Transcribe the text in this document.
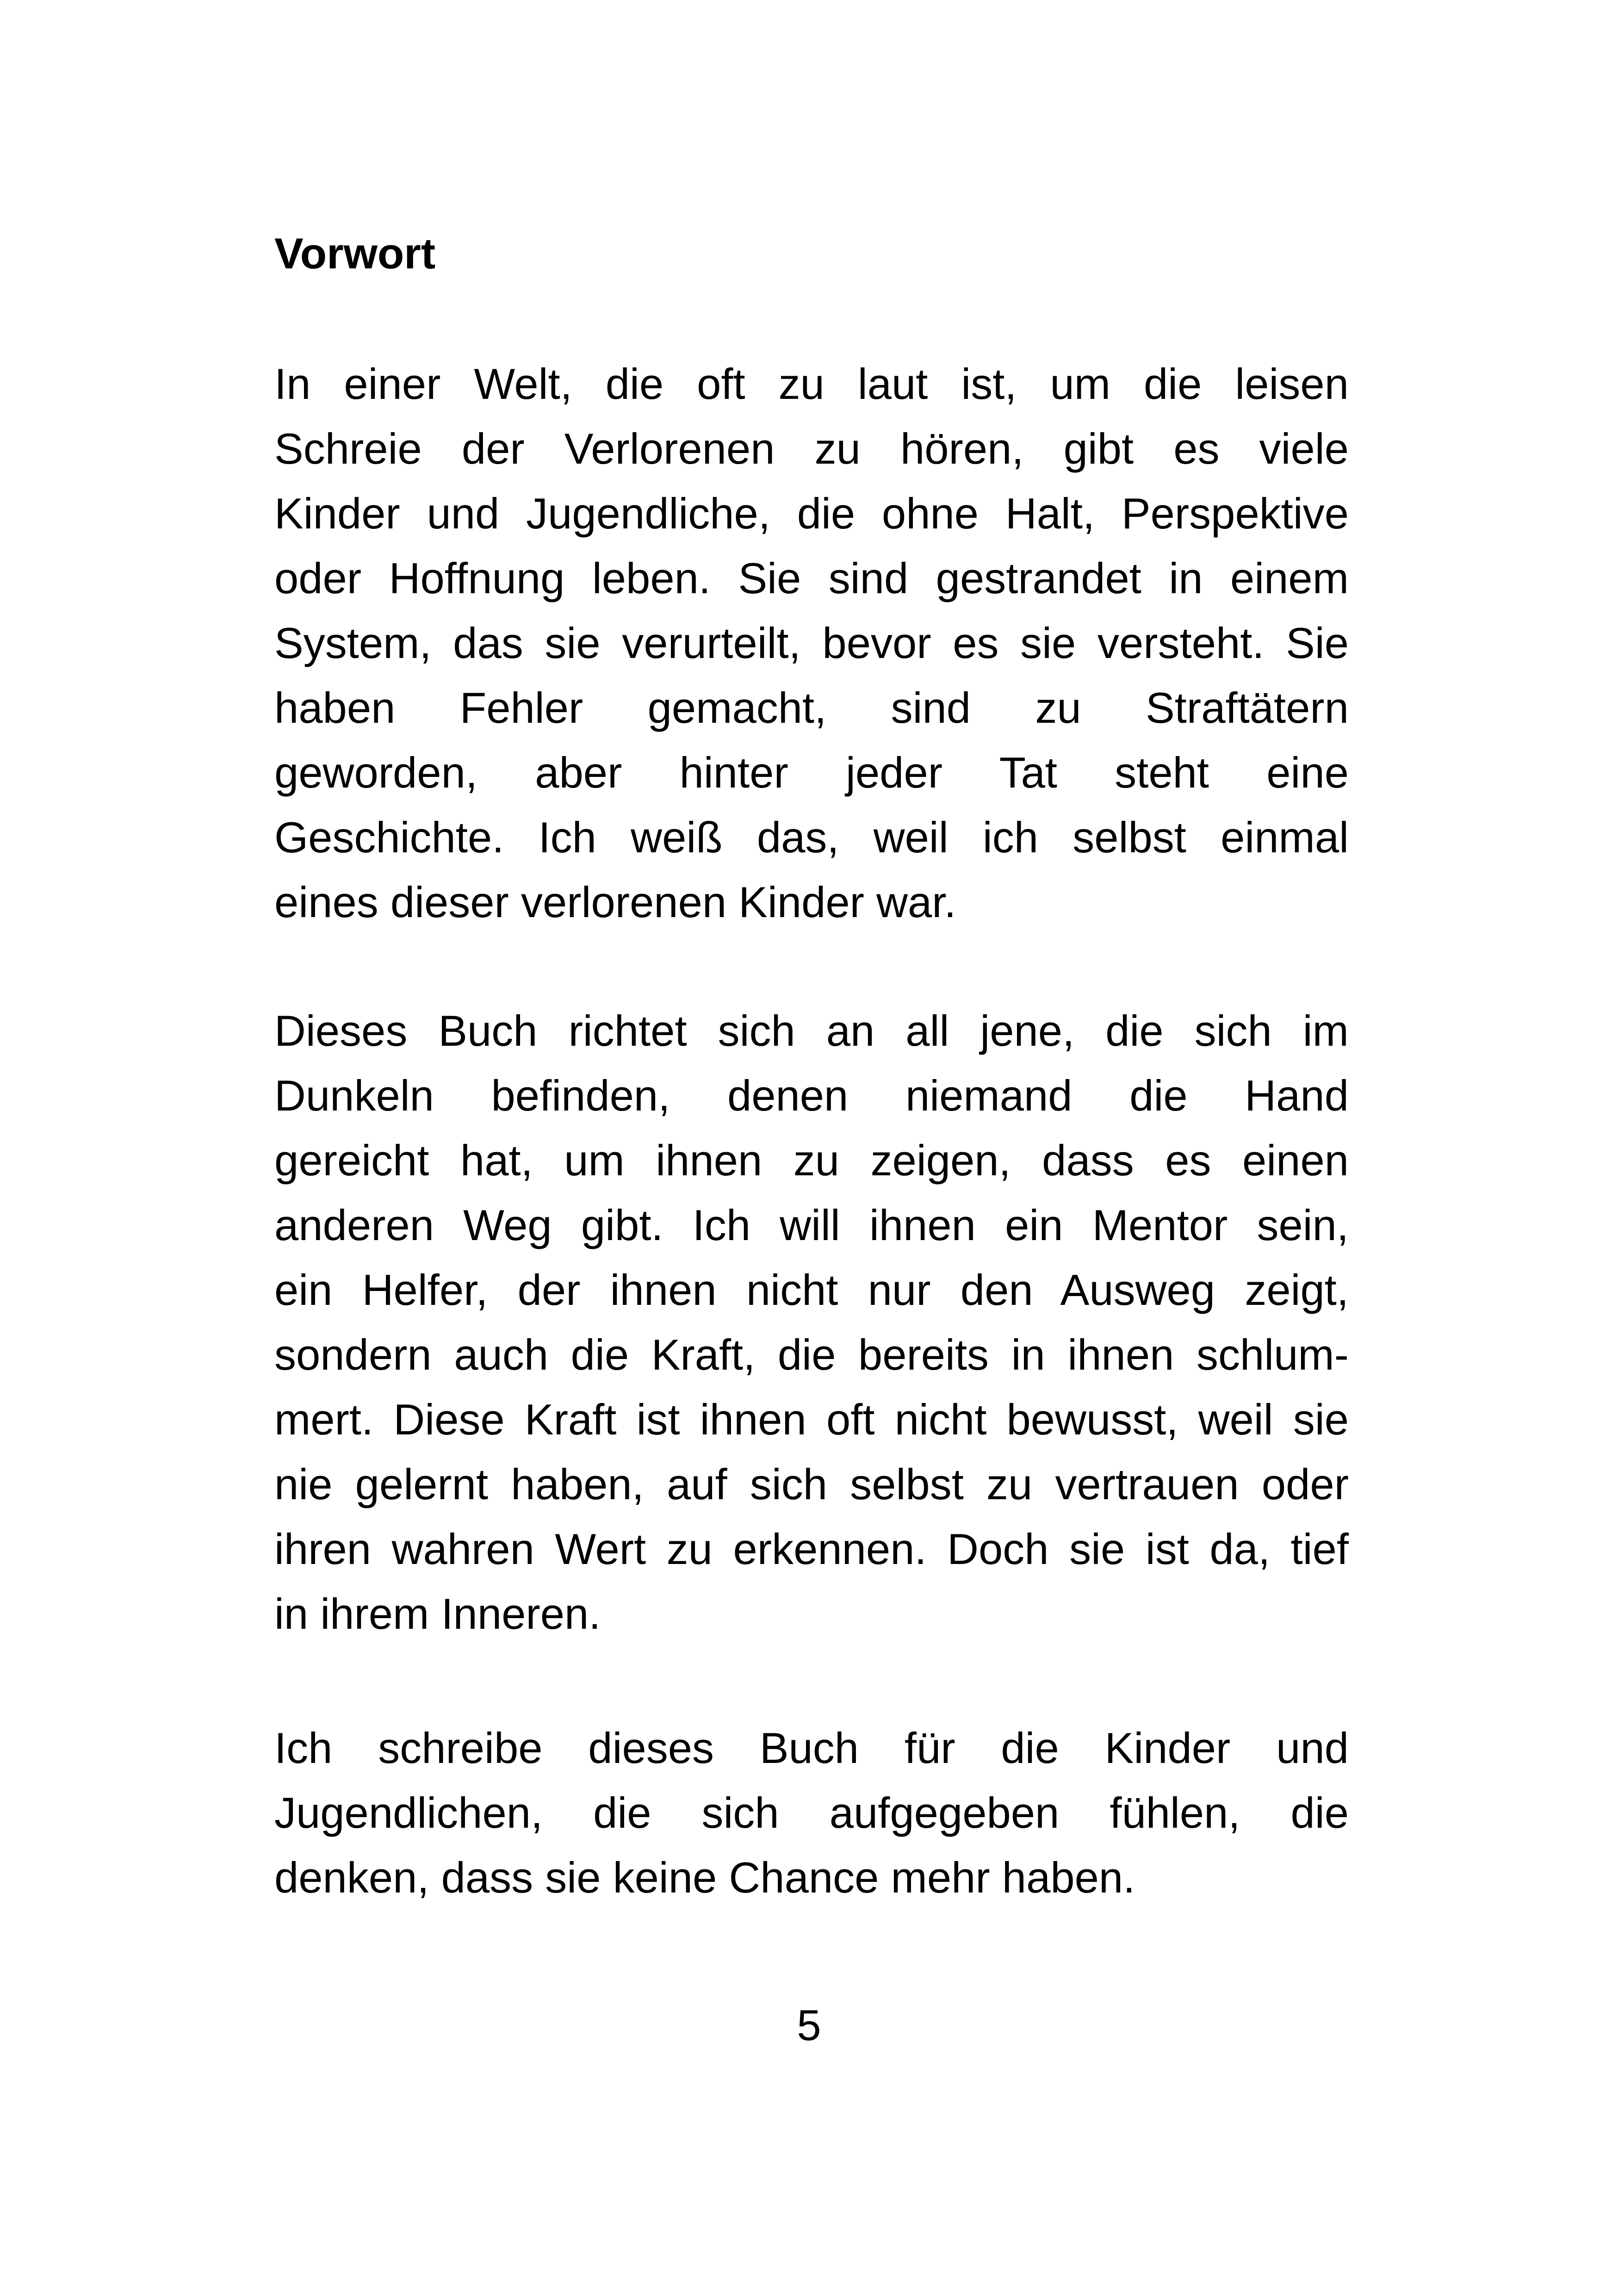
Vorwort
In einer Welt, die oft zu laut ist, um die leisen
Schreie der Verlorenen zu hören, gibt es viele
Kinder und Jugendliche, die ohne Halt, Perspektive
oder Hoffnung leben. Sie sind gestrandet in einem
System, das sie verurteilt, bevor es sie versteht. Sie
haben Fehler gemacht, sind zu Straftätern
geworden, aber hinter jeder Tat steht eine
Geschichte. Ich weiß das, weil ich selbst einmal
eines dieser verlorenen Kinder war.
Dieses Buch richtet sich an all jene, die sich im
Dunkeln befinden, denen niemand die Hand
gereicht hat, um ihnen zu zeigen, dass es einen
anderen Weg gibt. Ich will ihnen ein Mentor sein,
ein Helfer, der ihnen nicht nur den Ausweg zeigt,
sondern auch die Kraft, die bereits in ihnen schlum-
mert. Diese Kraft ist ihnen oft nicht bewusst, weil sie
nie gelernt haben, auf sich selbst zu vertrauen oder
ihren wahren Wert zu erkennen. Doch sie ist da, tief
in ihrem Inneren.
Ich schreibe dieses Buch für die Kinder und
Jugendlichen, die sich aufgegeben fühlen, die
denken, dass sie keine Chance mehr haben.
5
